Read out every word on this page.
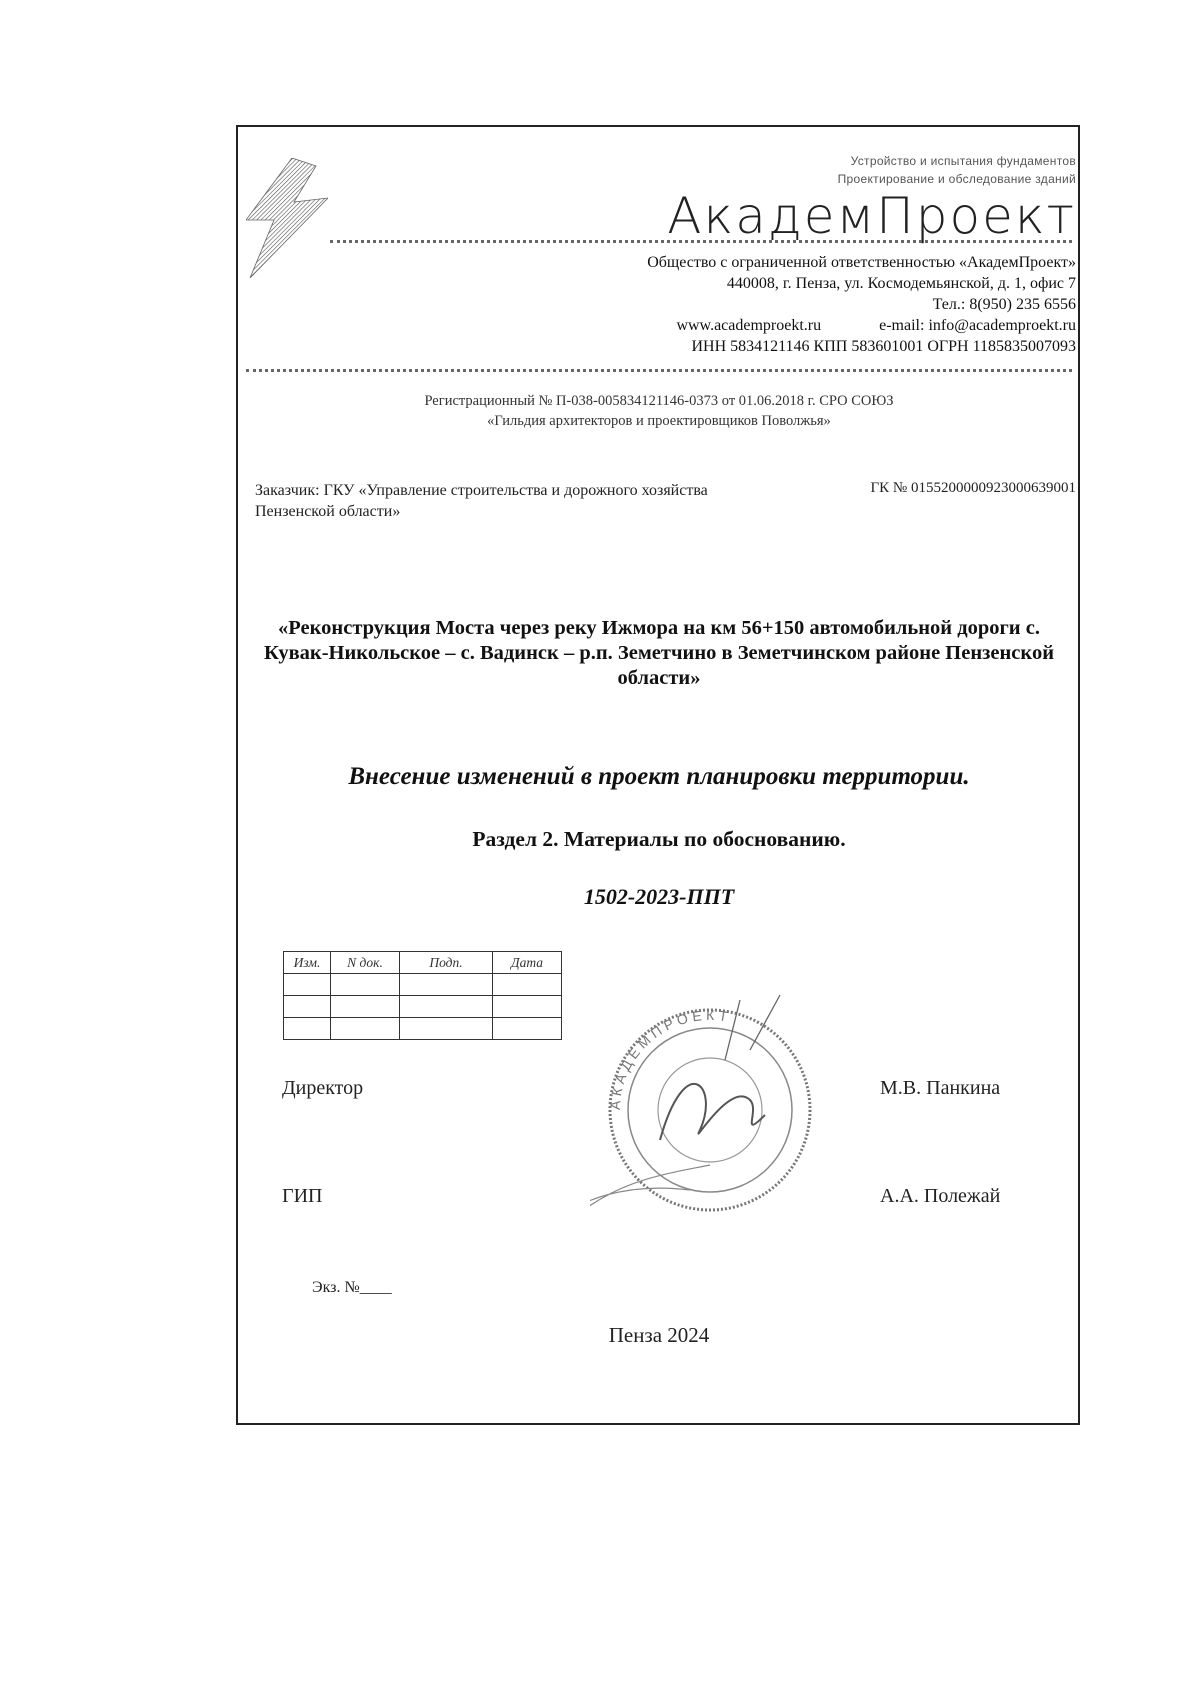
Устройство и испытания фундаментов
Проектирование и обследование зданий
АкадемПроект
Общество с ограниченной ответственностью «АкадемПроект»
440008, г. Пенза, ул. Космодемьянской, д. 1, офис 7
Тел.: 8(950) 235 6556
www.academproekt.ru	e-mail: info@academproekt.ru
ИНН 5834121146 КПП 583601001 ОГРН 1185835007093
Регистрационный № П-038-005834121146-0373 от 01.06.2018 г. СРО СОЮЗ
«Гильдия архитекторов и проектировщиков Поволжья»
Заказчик: ГКУ «Управление строительства и дорожного хозяйства Пензенской области»
ГК № 0155200000923000639001
«Реконструкция Моста через реку Ижмора на км 56+150 автомобильной дороги с. Кувак-Никольское – с. Вадинск – р.п. Земетчино в Земетчинском районе Пензенской области»
Внесение изменений в проект планировки территории.
Раздел 2. Материалы по обоснованию.
1502-2023-ППТ
Изм.	N док.	Подп.	Дата

АКАДЕМПРОЕКТ
Директор	М.В. Панкина
ГИП	А.А. Полежай
Экз. №____
Пенза 2024
